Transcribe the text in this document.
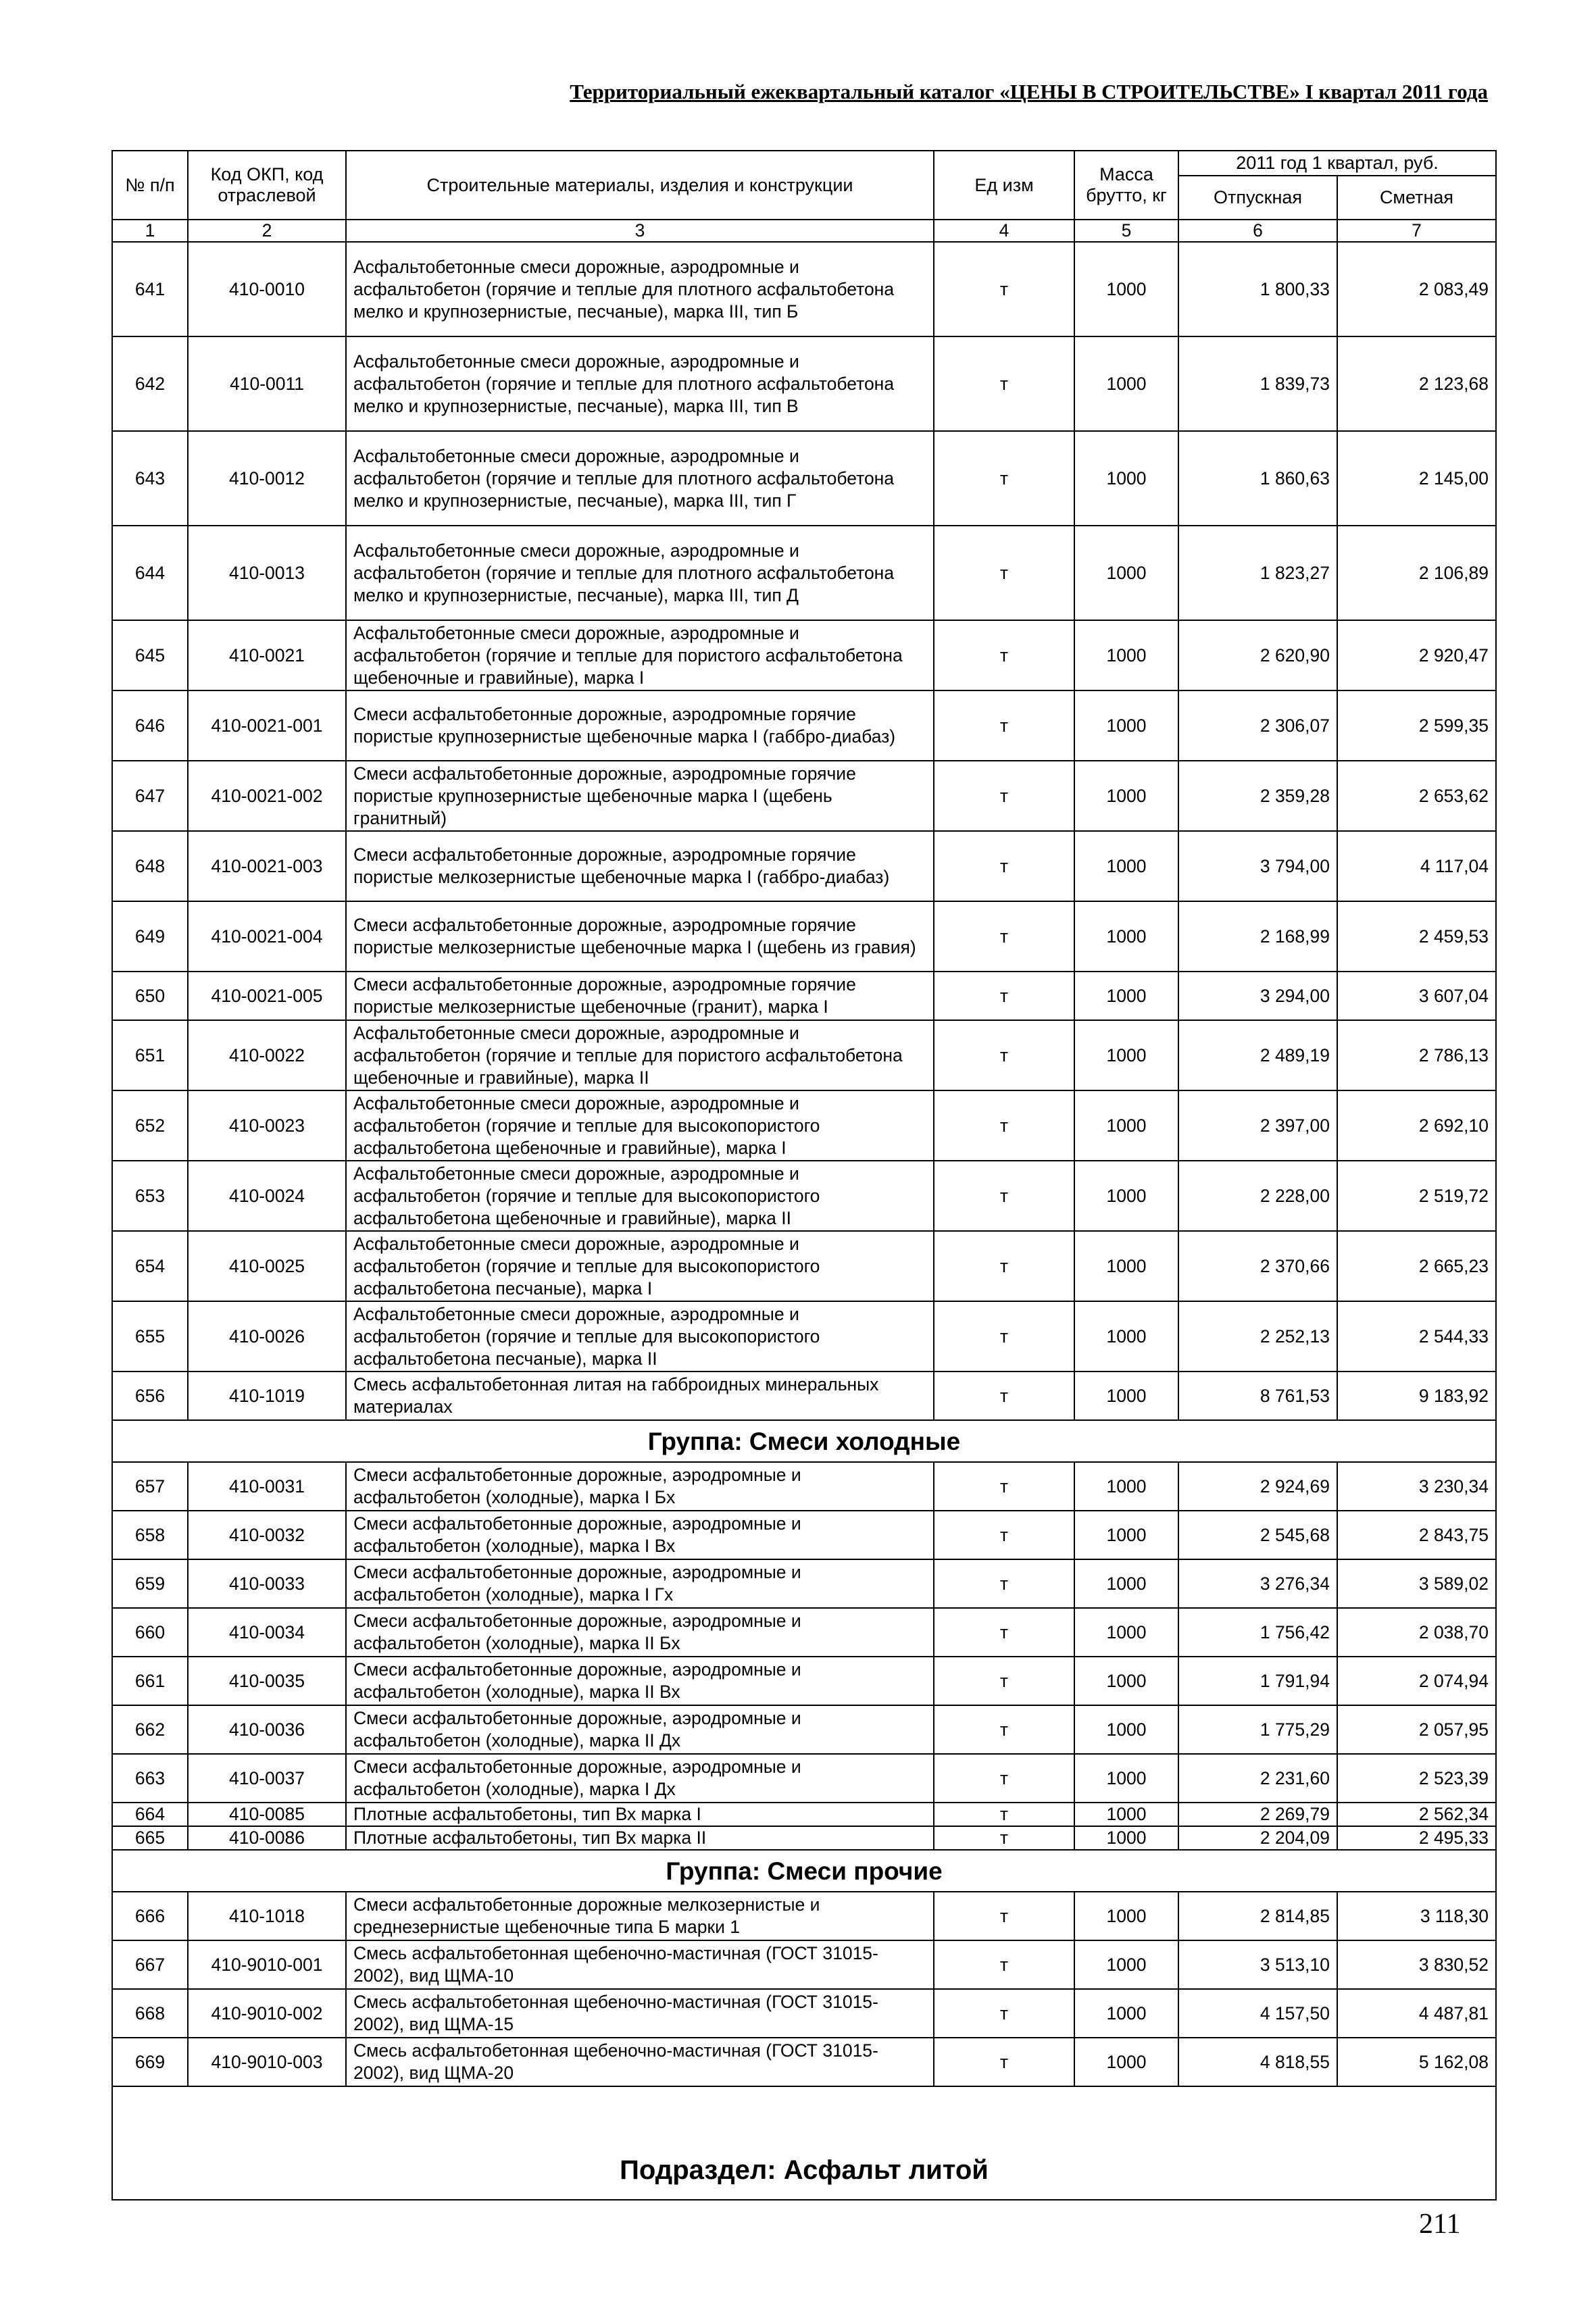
Территориальный ежеквартальный каталог «ЦЕНЫ В СТРОИТЕЛЬСТВЕ» I квартал 2011 года
№ п/п	Код ОКП, код отраслевой	Строительные материалы, изделия и конструкции	Ед изм	Масса брутто, кг	2011 год 1 квартал, руб.	
					Отпускная	Сметная
1	2	3	4	5	6	7
641	410-0010	Асфальтобетонные смеси дорожные, аэродромные и асфальтобетон (горячие и теплые для плотного асфальтобетона мелко и крупнозернистые, песчаные), марка III, тип Б	т	1000	1 800,33	2 083,49
642	410-0011	Асфальтобетонные смеси дорожные, аэродромные и асфальтобетон (горячие и теплые для плотного асфальтобетона мелко и крупнозернистые, песчаные), марка III, тип В	т	1000	1 839,73	2 123,68
643	410-0012	Асфальтобетонные смеси дорожные, аэродромные и асфальтобетон (горячие и теплые для плотного асфальтобетона мелко и крупнозернистые, песчаные), марка III, тип Г	т	1000	1 860,63	2 145,00
644	410-0013	Асфальтобетонные смеси дорожные, аэродромные и асфальтобетон (горячие и теплые для плотного асфальтобетона мелко и крупнозернистые, песчаные), марка III, тип Д	т	1000	1 823,27	2 106,89
645	410-0021	Асфальтобетонные смеси дорожные, аэродромные и асфальтобетон (горячие и теплые для пористого асфальтобетона щебеночные и гравийные), марка I	т	1000	2 620,90	2 920,47
646	410-0021-001	Смеси асфальтобетонные дорожные, аэродромные горячие пористые крупнозернистые щебеночные марка I (габбро-диабаз)	т	1000	2 306,07	2 599,35
647	410-0021-002	Смеси асфальтобетонные дорожные, аэродромные горячие пористые крупнозернистые щебеночные марка I (щебень гранитный)	т	1000	2 359,28	2 653,62
648	410-0021-003	Смеси асфальтобетонные дорожные, аэродромные горячие пористые мелкозернистые щебеночные марка I (габбро-диабаз)	т	1000	3 794,00	4 117,04
649	410-0021-004	Смеси асфальтобетонные дорожные, аэродромные горячие пористые мелкозернистые щебеночные марка I (щебень из гравия)	т	1000	2 168,99	2 459,53
650	410-0021-005	Смеси асфальтобетонные дорожные, аэродромные горячие пористые мелкозернистые щебеночные (гранит), марка I	т	1000	3 294,00	3 607,04
651	410-0022	Асфальтобетонные смеси дорожные, аэродромные и асфальтобетон (горячие и теплые для пористого асфальтобетона щебеночные и гравийные), марка II	т	1000	2 489,19	2 786,13
652	410-0023	Асфальтобетонные смеси дорожные, аэродромные и асфальтобетон (горячие и теплые для высокопористого асфальтобетона щебеночные и гравийные), марка I	т	1000	2 397,00	2 692,10
653	410-0024	Асфальтобетонные смеси дорожные, аэродромные и асфальтобетон (горячие и теплые для высокопористого асфальтобетона щебеночные и гравийные), марка II	т	1000	2 228,00	2 519,72
654	410-0025	Асфальтобетонные смеси дорожные, аэродромные и асфальтобетон (горячие и теплые для высокопористого асфальтобетона песчаные), марка I	т	1000	2 370,66	2 665,23
655	410-0026	Асфальтобетонные смеси дорожные, аэродромные и асфальтобетон (горячие и теплые для высокопористого асфальтобетона песчаные), марка II	т	1000	2 252,13	2 544,33
656	410-1019	Смесь асфальтобетонная литая на габброидных минеральных материалах	т	1000	8 761,53	9 183,92
Группа: Смеси холодные						
657	410-0031	Смеси асфальтобетонные дорожные, аэродромные и асфальтобетон (холодные), марка I Бх	т	1000	2 924,69	3 230,34
658	410-0032	Смеси асфальтобетонные дорожные, аэродромные и асфальтобетон (холодные), марка I Вх	т	1000	2 545,68	2 843,75
659	410-0033	Смеси асфальтобетонные дорожные, аэродромные и асфальтобетон (холодные), марка I Гх	т	1000	3 276,34	3 589,02
660	410-0034	Смеси асфальтобетонные дорожные, аэродромные и асфальтобетон (холодные), марка II Бх	т	1000	1 756,42	2 038,70
661	410-0035	Смеси асфальтобетонные дорожные, аэродромные и асфальтобетон (холодные), марка II Вх	т	1000	1 791,94	2 074,94
662	410-0036	Смеси асфальтобетонные дорожные, аэродромные и асфальтобетон (холодные), марка II Дх	т	1000	1 775,29	2 057,95
663	410-0037	Смеси асфальтобетонные дорожные, аэродромные и асфальтобетон (холодные), марка I Дх	т	1000	2 231,60	2 523,39
664	410-0085	Плотные асфальтобетоны, тип Вх марка I	т	1000	2 269,79	2 562,34
665	410-0086	Плотные асфальтобетоны, тип Вх марка II	т	1000	2 204,09	2 495,33
Группа: Смеси прочие						
666	410-1018	Смеси асфальтобетонные дорожные мелкозернистые и среднезернистые щебеночные типа Б марки 1	т	1000	2 814,85	3 118,30
667	410-9010-001	Смесь асфальтобетонная щебеночно-мастичная (ГОСТ 31015-2002), вид ЩМА-10	т	1000	3 513,10	3 830,52
668	410-9010-002	Смесь асфальтобетонная щебеночно-мастичная (ГОСТ 31015-2002), вид ЩМА-15	т	1000	4 157,50	4 487,81
669	410-9010-003	Смесь асфальтобетонная щебеночно-мастичная (ГОСТ 31015-2002), вид ЩМА-20	т	1000	4 818,55	5 162,08
Подраздел: Асфальт литой						
211
